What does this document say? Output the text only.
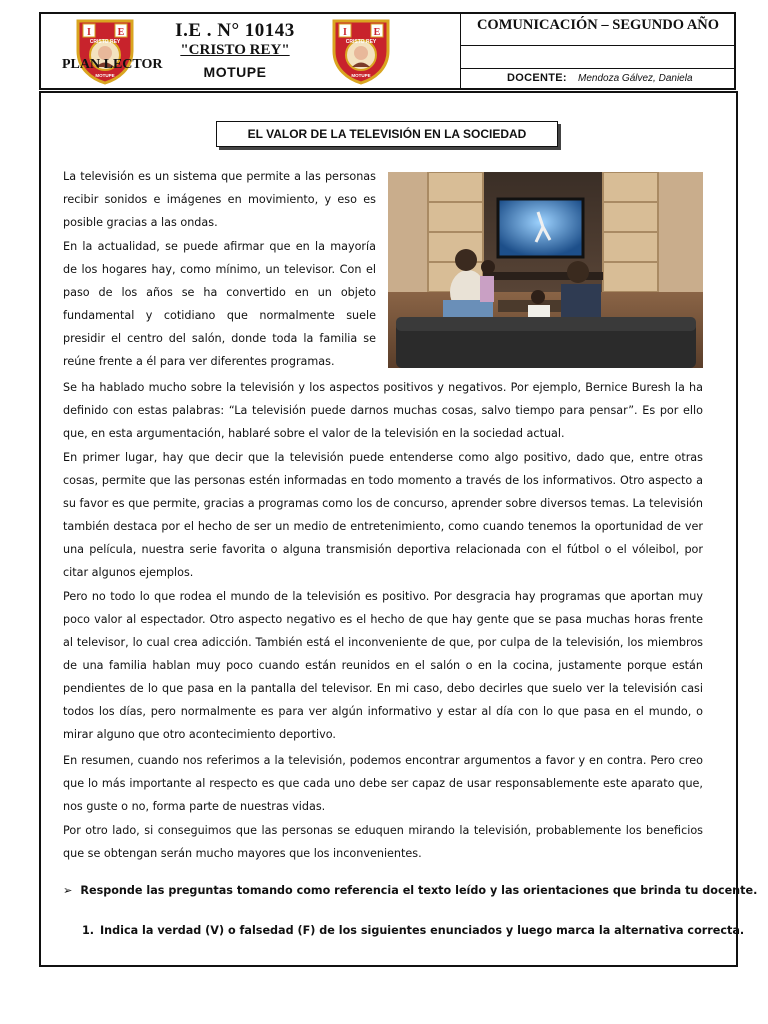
I	E
CRISTO REY
MOTUPE
I	E
CRISTO REY
MOTUPE
I.E . N° 10143
"CRISTO REY"
MOTUPE
PLAN LECTOR
COMUNICACIÓN – SEGUNDO AÑO
DOCENTE: Mendoza Gálvez, Daniela
EL VALOR DE LA TELEVISIÓN EN LA SOCIEDAD

La televisión es un sistema que permite a las personas recibir sonidos e imágenes en movimiento, y eso es posible gracias a las ondas.

En la actualidad, se puede afirmar que en la mayoría de los hogares hay, como mínimo, un televisor. Con el paso de los años se ha convertido en un objeto fundamental y cotidiano que normalmente suele presidir el centro del salón, donde toda la familia se reúne frente a él para ver diferentes programas.

Se ha hablado mucho sobre la televisión y los aspectos positivos y negativos. Por ejemplo, Bernice Buresh la ha definido con estas palabras: “La televisión puede darnos muchas cosas, salvo tiempo para pensar”. Es por ello que, en esta argumentación, hablaré sobre el valor de la televisión en la sociedad actual.

En primer lugar, hay que decir que la televisión puede entenderse como algo positivo, dado que, entre otras cosas, permite que las personas estén informadas en todo momento a través de los informativos. Otro aspecto a su favor es que permite, gracias a programas como los de concurso, aprender sobre diversos temas. La televisión también destaca por el hecho de ser un medio de entretenimiento, como cuando tenemos la oportunidad de ver una película, nuestra serie favorita o alguna transmisión deportiva relacionada con el fútbol o el vóleibol, por citar algunos ejemplos.

Pero no todo lo que rodea el mundo de la televisión es positivo. Por desgracia hay programas que aportan muy poco valor al espectador. Otro aspecto negativo es el hecho de que hay gente que se pasa muchas horas frente al televisor, lo cual crea adicción. También está el inconveniente de que, por culpa de la televisión, los miembros de una familia hablan muy poco cuando están reunidos en el salón o en la cocina, justamente porque están pendientes de lo que pasa en la pantalla del televisor. En mi caso, debo decirles que suelo ver la televisión casi todos los días, pero normalmente es para ver algún informativo y estar al día con lo que pasa en el mundo, o mirar alguno que otro acontecimiento deportivo.

En resumen, cuando nos referimos a la televisión, podemos encontrar argumentos a favor y en contra. Pero creo que lo más importante al respecto es que cada uno debe ser capaz de usar responsablemente este aparato que, nos guste o no, forma parte de nuestras vidas.

Por otro lado, si conseguimos que las personas se eduquen mirando la televisión, probablemente los beneficios que se obtengan serán mucho mayores que los inconvenientes.

➢ Responde las preguntas tomando como referencia el texto leído y las orientaciones que brinda tu docente.
1. Indica la verdad (V) o falsedad (F) de los siguientes enunciados y luego marca la alternativa correcta.
